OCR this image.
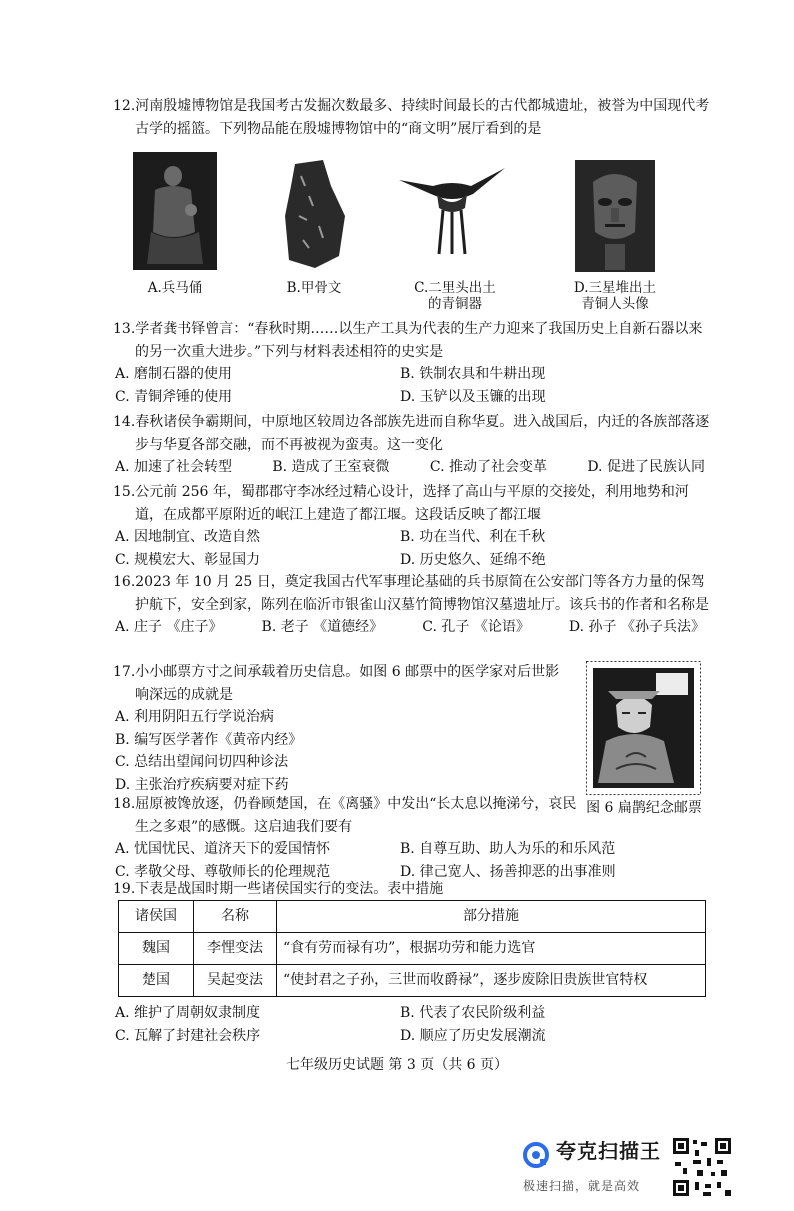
12.河南殷墟博物馆是我国考古发掘次数最多、持续时间最长的古代都城遗址，被誉为中国现代考古学的摇篮。下列物品能在殷墟博物馆中的“商文明”展厅看到的是
A.兵马俑	B.甲骨文	C.二里头出土
的青铜器
D.三星堆出土
青铜人头像
13.学者龚书铎曾言：“春秋时期……以生产工具为代表的生产力迎来了我国历史上自新石器以来的另一次重大进步。”下列与材料表述相符的史实是
A. 磨制石器的使用	B. 铁制农具和牛耕出现
C. 青铜斧锤的使用	D. 玉铲以及玉镰的出现
14.春秋诸侯争霸期间，中原地区较周边各部族先进而自称华夏。进入战国后，内迁的各族部落逐步与华夏各部交融，而不再被视为蛮夷。这一变化
A. 加速了社会转型	B. 造成了王室衰微	C. 推动了社会变革	D. 促进了民族认同
15.公元前 256 年，蜀郡郡守李冰经过精心设计，选择了高山与平原的交接处，利用地势和河道，在成都平原附近的岷江上建造了都江堰。这段话反映了都江堰
A. 因地制宜、改造自然	B. 功在当代、利在千秋
C. 规模宏大、彰显国力	D. 历史悠久、延绵不绝
16.2023 年 10 月 25 日，奠定我国古代军事理论基础的兵书原简在公安部门等各方力量的保驾护航下，安全到家，陈列在临沂市银雀山汉墓竹简博物馆汉墓遗址厅。该兵书的作者和名称是
A. 庄子 《庄子》	B. 老子 《道德经》	C. 孔子 《论语》	D. 孙子 《孙子兵法》
17.小小邮票方寸之间承载着历史信息。如图 6 邮票中的医学家对后世影响深远的成就是
A. 利用阴阳五行学说治病
B. 编写医学著作《黄帝内经》
C. 总结出望闻问切四种诊法
D. 主张治疗疾病要对症下药
图 6 扁鹊纪念邮票
18.屈原被馋放逐，仍眷顾楚国，在《离骚》中发出“长太息以掩涕兮，哀民生之多艰”的感慨。这启迪我们要有
A. 忧国忧民、道济天下的爱国情怀	B. 自尊互助、助人为乐的和乐风范
C. 孝敬父母、尊敬师长的伦理规范	D. 律己宽人、扬善抑恶的出事准则
19.下表是战国时期一些诸侯国实行的变法。表中措施
诸侯国	名称	部分措施
魏国	李悝变法	“食有劳而禄有功”，根据功劳和能力选官
楚国	吴起变法	“使封君之子孙，三世而收爵禄”，逐步废除旧贵族世官特权
A. 维护了周朝奴隶制度	B. 代表了农民阶级利益
C. 瓦解了封建社会秩序	D. 顺应了历史发展潮流
七年级历史试题 第 3 页（共 6 页）
夸克扫描王
极速扫描，就是高效
